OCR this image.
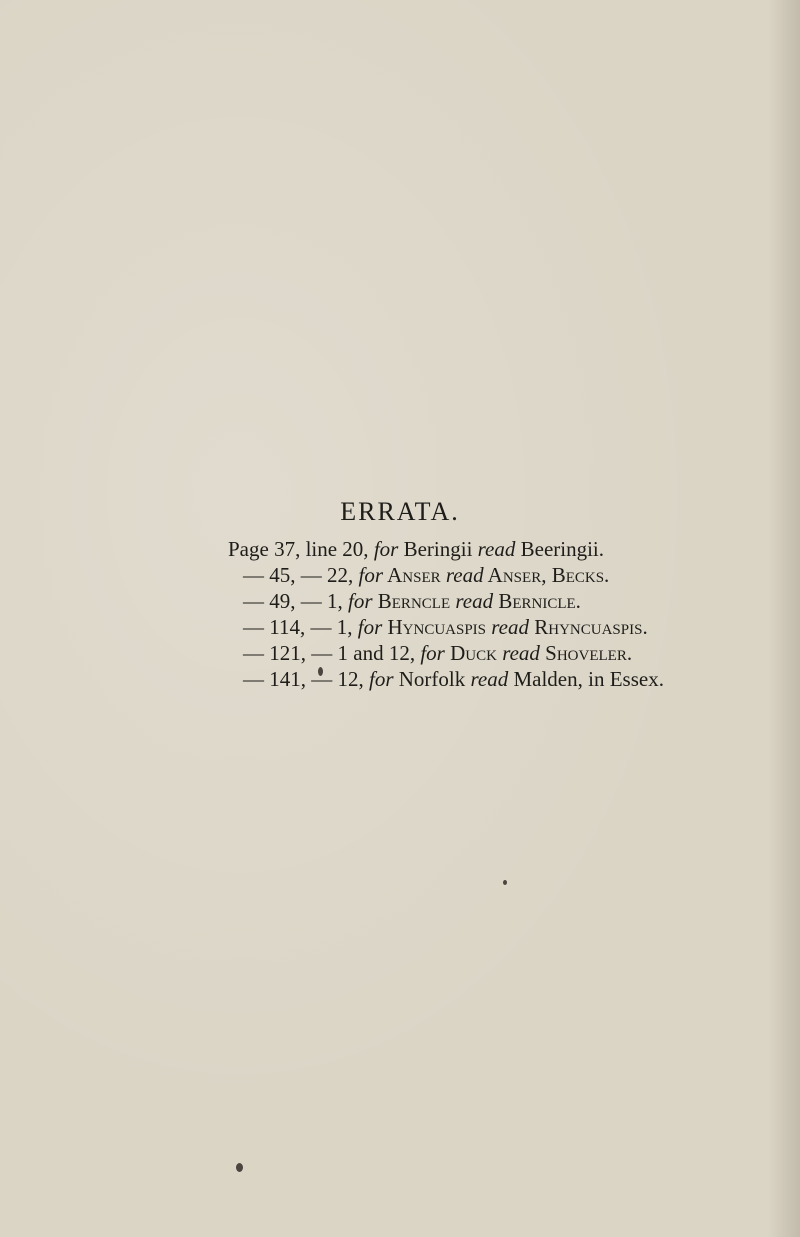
ERRATA.
Page 37, line 20, for Beringii read Beeringii.
— 45, — 22, for Anser read Anser, Becks.
— 49, — 1, for Berncle read Bernicle.
— 114, — 1, for Hyncuaspis read Rhyncuaspis.
— 121, — 1 and 12, for Duck read Shoveler.
— 141, — 12, for Norfolk read Malden, in Essex.
